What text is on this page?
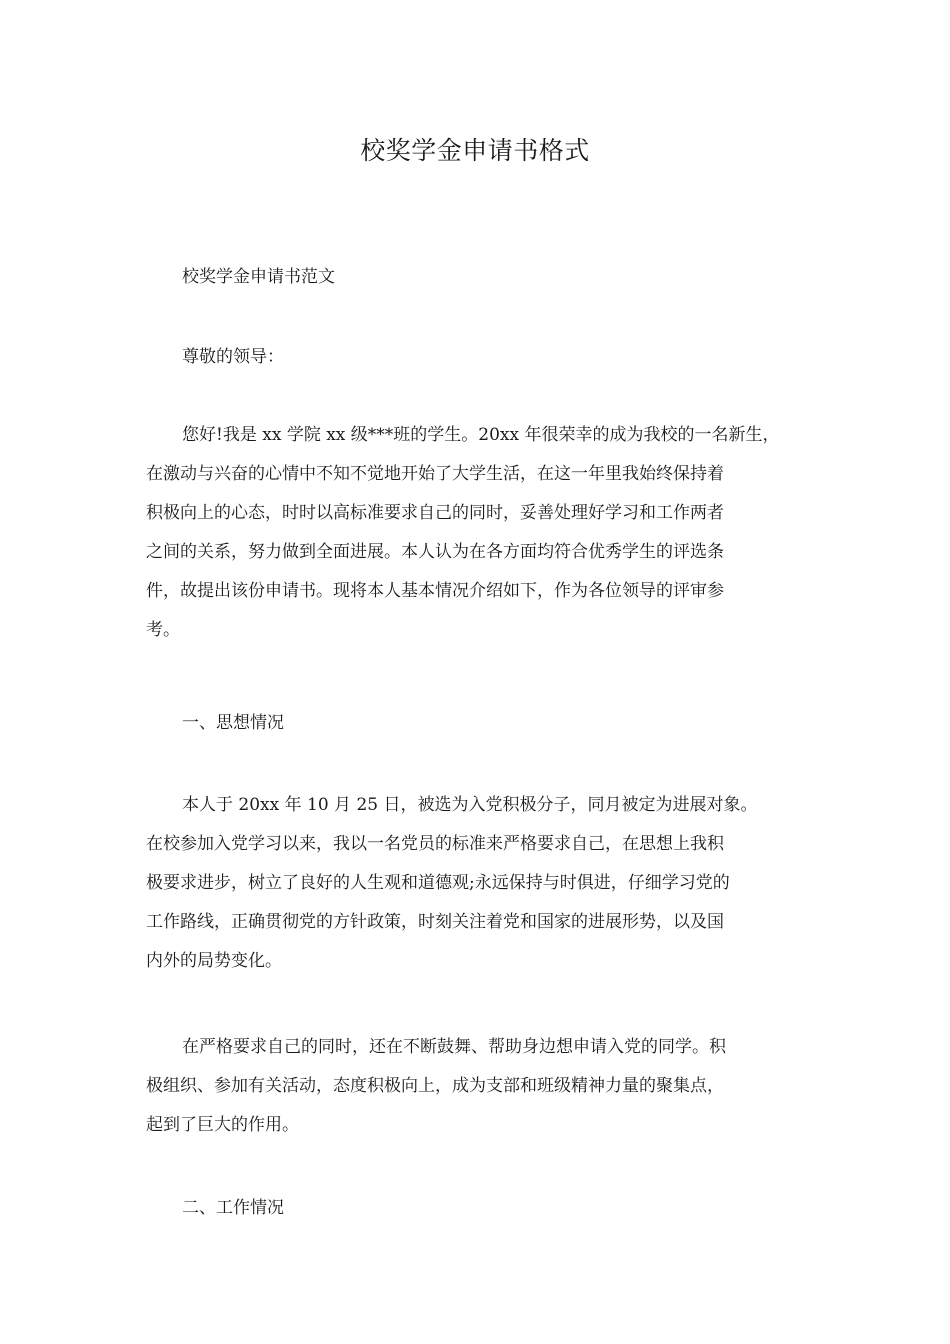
校奖学金申请书格式
校奖学金申请书范文
尊敬的领导：
您好!我是 xx 学院 xx 级***班的学生。20xx 年很荣幸的成为我校的一名新生，
在激动与兴奋的心情中不知不觉地开始了大学生活，在这一年里我始终保持着
积极向上的心态，时时以高标准要求自己的同时，妥善处理好学习和工作两者
之间的关系，努力做到全面进展。本人认为在各方面均符合优秀学生的评选条
件，故提出该份申请书。现将本人基本情况介绍如下，作为各位领导的评审参
考。
一、思想情况
本人于 20xx 年 10 月 25 日，被选为入党积极分子，同月被定为进展对象。
在校参加入党学习以来，我以一名党员的标准来严格要求自己，在思想上我积
极要求进步，树立了良好的人生观和道德观;永远保持与时俱进，仔细学习党的
工作路线，正确贯彻党的方针政策，时刻关注着党和国家的进展形势，以及国
内外的局势变化。
在严格要求自己的同时，还在不断鼓舞、帮助身边想申请入党的同学。积
极组织、参加有关活动，态度积极向上，成为支部和班级精神力量的聚集点，
起到了巨大的作用。
二、工作情况
